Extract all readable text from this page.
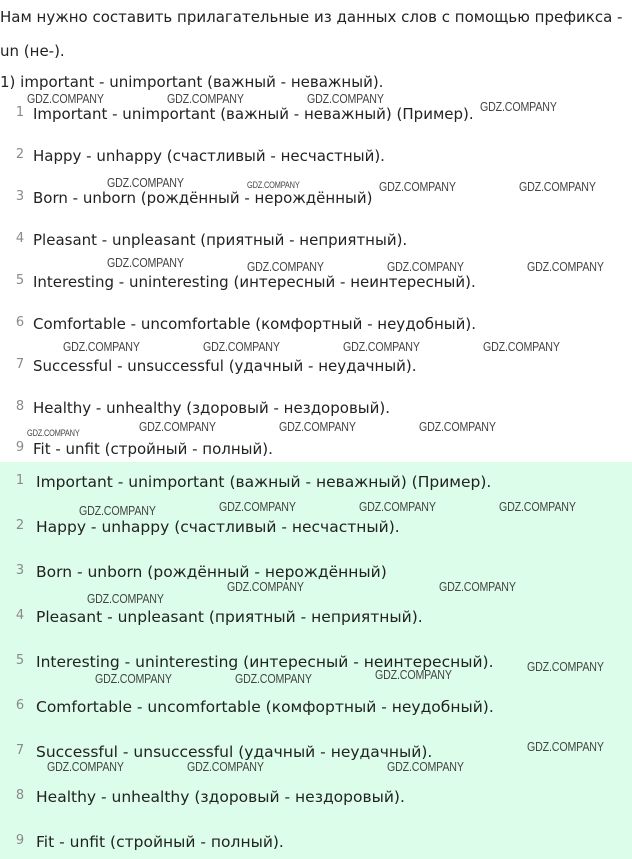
Нам нужно составить прилагательные из данных слов с помощью префикса -
un (не-).
1) important - unimportant (важный - неважный).
1 Important - unimportant (важный - неважный) (Пример).
2 Happy - unhappy (счастливый - несчастный).
3 Born - unborn (рождённый - нерождённый)
4 Pleasant - unpleasant (приятный - неприятный).
5 Interesting - uninteresting (интересный - неинтересный).
6 Comfortable - uncomfortable (комфортный - неудобный).
7 Successful - unsuccessful (удачный - неудачный).
8 Healthy - unhealthy (здоровый - нездоровый).
9 Fit - unfit (стройный - полный).
1 Important - unimportant (важный - неважный) (Пример).
2 Happy - unhappy (счастливый - несчастный).
3 Born - unborn (рождённый - нерождённый)
4 Pleasant - unpleasant (приятный - неприятный).
5 Interesting - uninteresting (интересный - неинтересный).
6 Comfortable - uncomfortable (комфортный - неудобный).
7 Successful - unsuccessful (удачный - неудачный).
8 Healthy - unhealthy (здоровый - нездоровый).
9 Fit - unfit (стройный - полный).
GDZ.COMPANY	GDZ.COMPANY	GDZ.COMPANY
GDZ.COMPANY
GDZ.COMPANY	GDZ.COMPANY	GDZ.COMPANY	GDZ.COMPANY
GDZ.COMPANY	GDZ.COMPANY	GDZ.COMPANY	GDZ.COMPANY
GDZ.COMPANY	GDZ.COMPANY	GDZ.COMPANY	GDZ.COMPANY
GDZ.COMPANY	GDZ.COMPANY	GDZ.COMPANY	GDZ.COMPANY
GDZ.COMPANY	GDZ.COMPANY	GDZ.COMPANY	GDZ.COMPANY
GDZ.COMPANY	GDZ.COMPANY
GDZ.COMPANY
GDZ.COMPANY
GDZ.COMPANY	GDZ.COMPANY	GDZ.COMPANY
GDZ.COMPANY
GDZ.COMPANY	GDZ.COMPANY	GDZ.COMPANY
